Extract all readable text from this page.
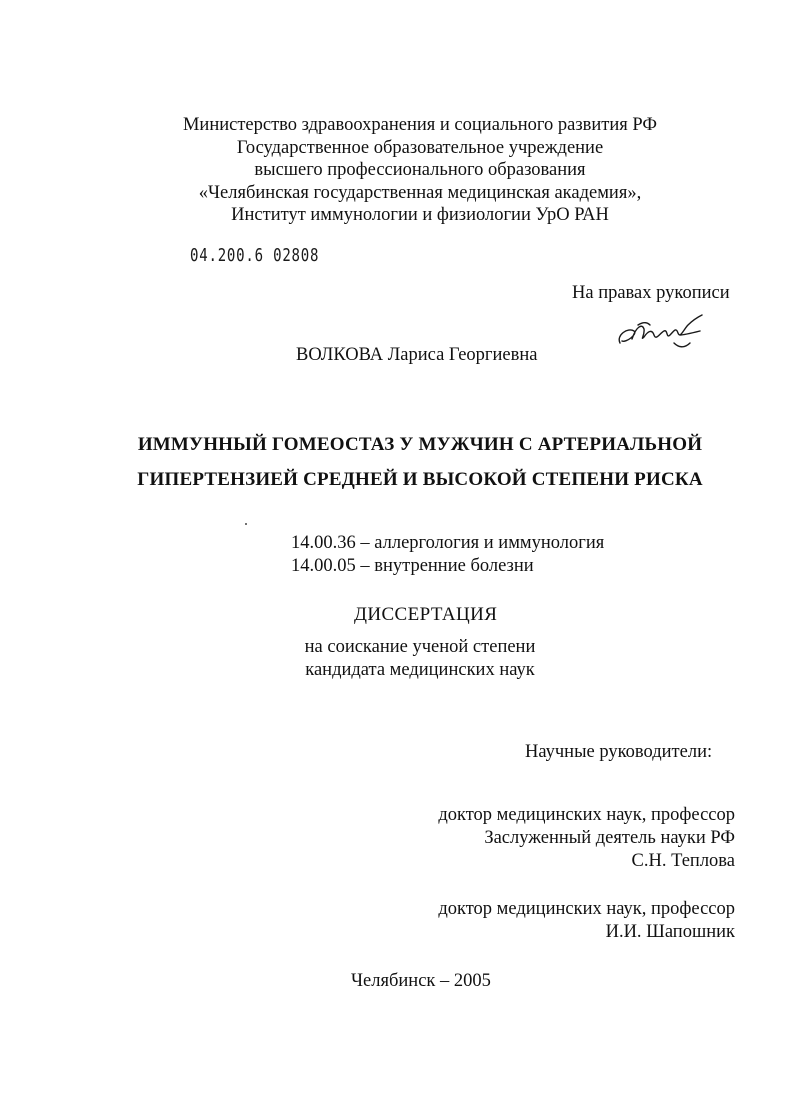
Министерство здравоохранения и социального развития РФ
Государственное образовательное учреждение
высшего профессионального образования
«Челябинская государственная медицинская академия»,
Институт иммунологии и физиологии УрО РАН
04.200.6 02808
На правах рукописи
ВОЛКОВА Лариса Георгиевна
ИММУННЫЙ ГОМЕОСТАЗ У МУЖЧИН С АРТЕРИАЛЬНОЙ
ГИПЕРТЕНЗИЕЙ СРЕДНЕЙ И ВЫСОКОЙ СТЕПЕНИ РИСКА
14.00.36 – аллергология и иммунология
14.00.05 – внутренние болезни
ДИССЕРТАЦИЯ
на соискание ученой степени
кандидата медицинских наук
Научные руководители:
доктор медицинских наук, профессор
Заслуженный деятель науки РФ
С.Н. Теплова
доктор медицинских наук, профессор
И.И. Шапошник
Челябинск – 2005
